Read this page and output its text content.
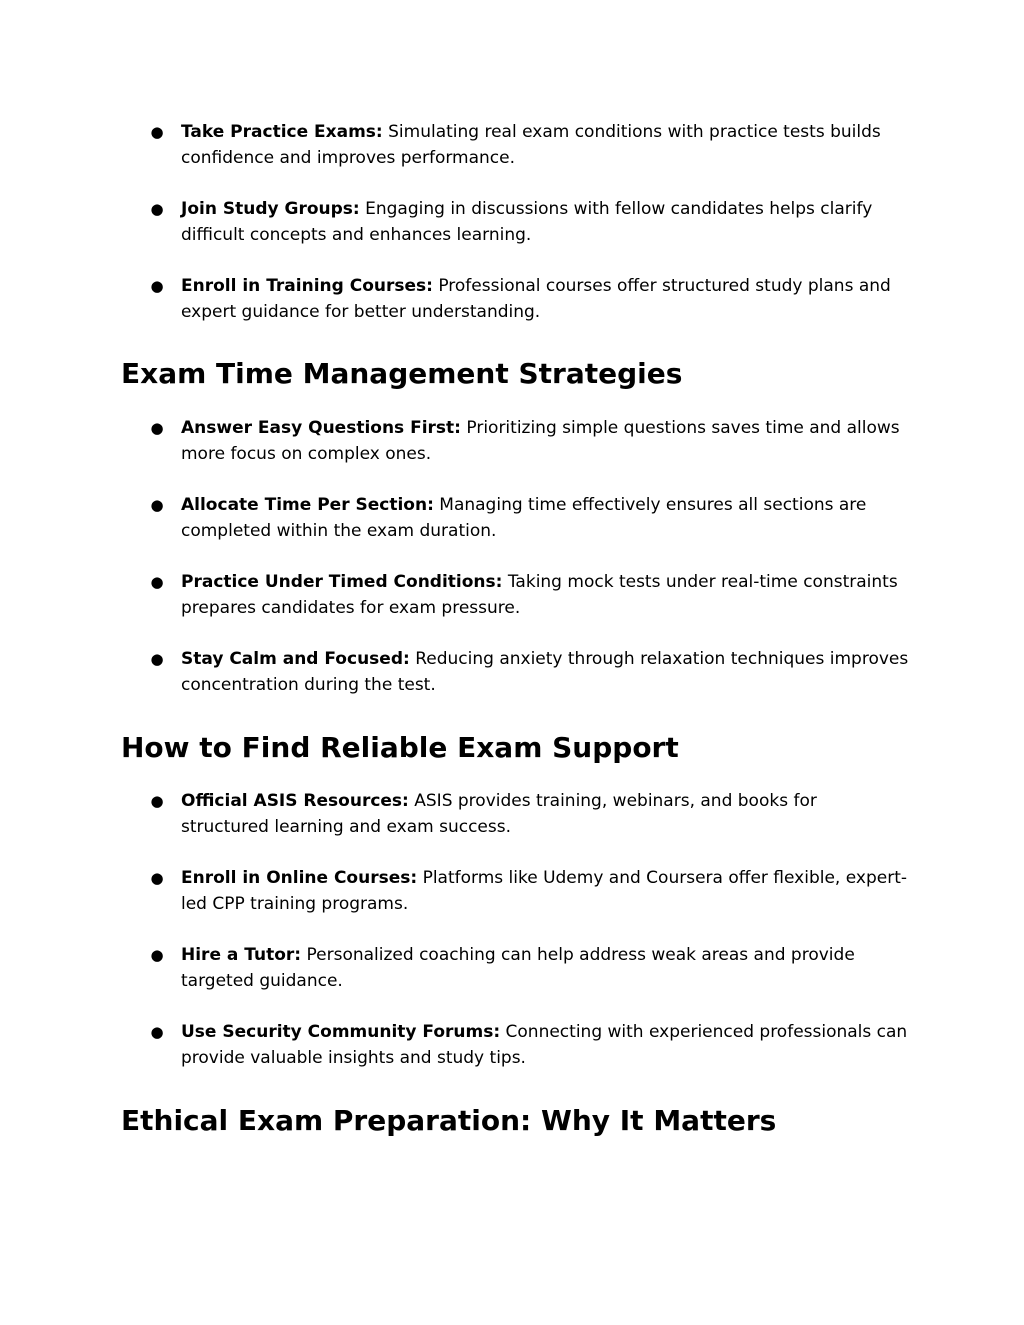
● Take Practice Exams: Simulating real exam conditions with practice tests builds confidence and improves performance.
● Join Study Groups: Engaging in discussions with fellow candidates helps clarify difficult concepts and enhances learning.
● Enroll in Training Courses: Professional courses offer structured study plans and expert guidance for better understanding.
Exam Time Management Strategies
● Answer Easy Questions First: Prioritizing simple questions saves time and allows more focus on complex ones.
● Allocate Time Per Section: Managing time effectively ensures all sections are completed within the exam duration.
● Practice Under Timed Conditions: Taking mock tests under real-time constraints prepares candidates for exam pressure.
● Stay Calm and Focused: Reducing anxiety through relaxation techniques improves concentration during the test.
How to Find Reliable Exam Support
● Official ASIS Resources: ASIS provides training, webinars, and books for structured learning and exam success.
● Enroll in Online Courses: Platforms like Udemy and Coursera offer flexible, expert-led CPP training programs.
● Hire a Tutor: Personalized coaching can help address weak areas and provide targeted guidance.
● Use Security Community Forums: Connecting with experienced professionals can provide valuable insights and study tips.
Ethical Exam Preparation: Why It Matters
